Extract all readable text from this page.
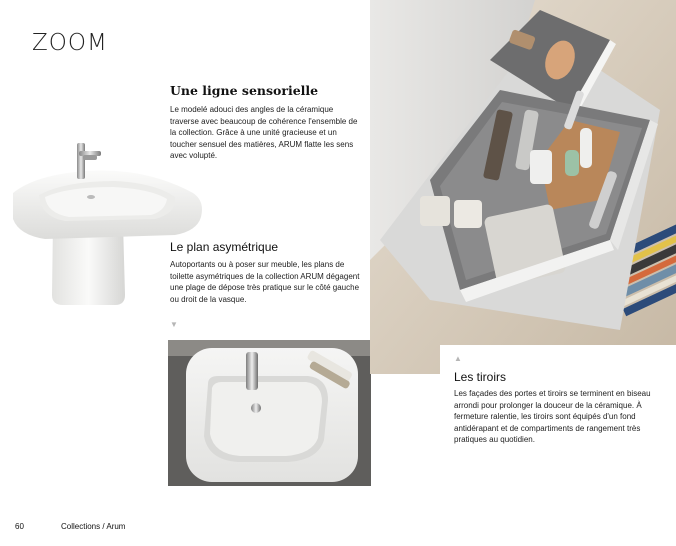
ZOOM
Une ligne sensorielle

Le modelé adouci des angles de la céramique traverse avec beaucoup de cohérence l'ensemble de la collection. Grâce à une unité gracieuse et un toucher sensuel des matières, ARUM flatte les sens avec volupté.

Le plan asymétrique

Autoportants ou à poser sur meuble, les plans de toilette asymétriques de la collection ARUM dégagent une plage de dépose très pratique sur le côté gauche ou droit de la vasque.

▼
▲
Les tiroirs

Les façades des portes et tiroirs se terminent en biseau arrondi pour prolonger la douceur de la céramique. À fermeture ralentie, les tiroirs sont équipés d'un fond antidérapant et de compartiments de rangement très pratiques au quotidien.

60	Collections / Arum
